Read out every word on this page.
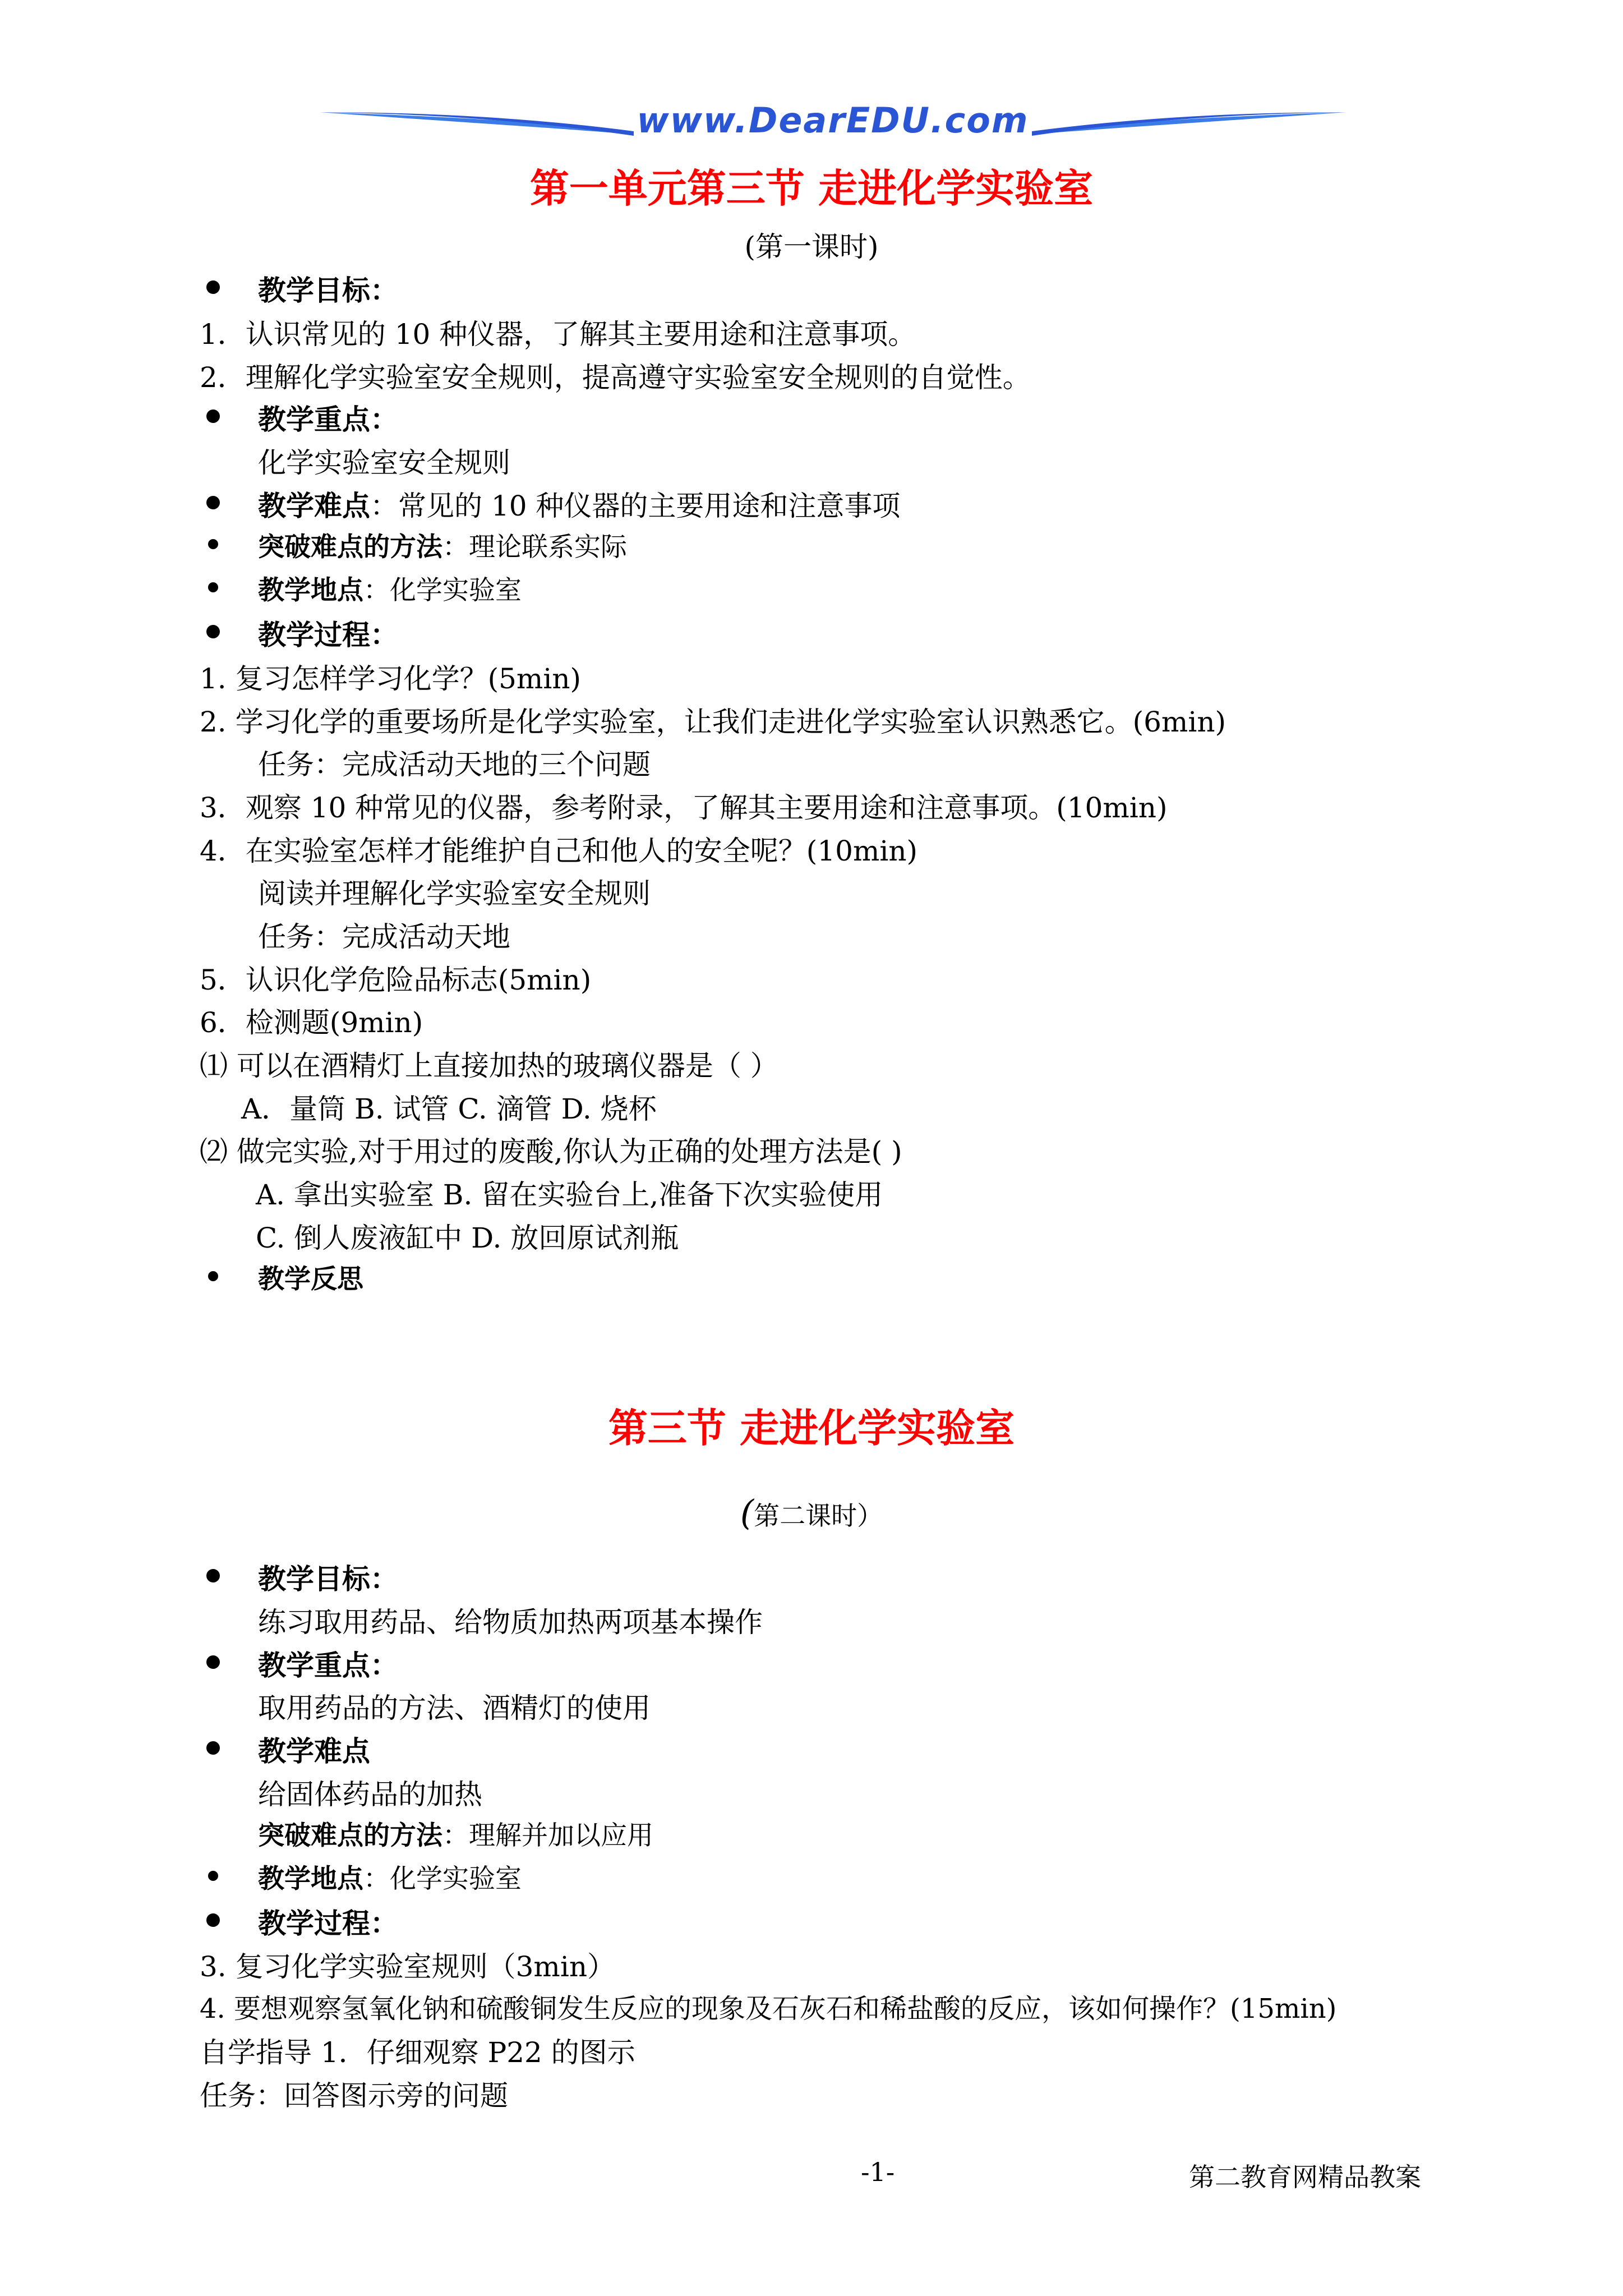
www.DearEDU.com
第一单元第三节 走进化学实验室
(第一课时)
教学目标：
1．认识常见的 10 种仪器，了解其主要用途和注意事项。
2．理解化学实验室安全规则，提高遵守实验室安全规则的自觉性。
教学重点：
化学实验室安全规则
教学难点：常见的 10 种仪器的主要用途和注意事项
突破难点的方法：理论联系实际
教学地点：化学实验室
教学过程：
1. 复习怎样学习化学？(5min)
2. 学习化学的重要场所是化学实验室，让我们走进化学实验室认识熟悉它。(6min)
任务：完成活动天地的三个问题
3．观察 10 种常见的仪器，参考附录，了解其主要用途和注意事项。(10min)
4．在实验室怎样才能维护自己和他人的安全呢？(10min)
阅读并理解化学实验室安全规则
任务：完成活动天地
5．认识化学危险品标志(5min)
6．检测题(9min)
⑴ 可以在酒精灯上直接加热的玻璃仪器是（ ）
A．量筒 B. 试管 C. 滴管 D. 烧杯
⑵ 做完实验,对于用过的废酸,你认为正确的处理方法是( )
A. 拿出实验室 B. 留在实验台上,准备下次实验使用
C. 倒人废液缸中 D. 放回原试剂瓶
教学反思
第三节 走进化学实验室
(第二课时）
教学目标：
练习取用药品、给物质加热两项基本操作
教学重点：
取用药品的方法、酒精灯的使用
教学难点
给固体药品的加热
突破难点的方法：理解并加以应用
教学地点：化学实验室
教学过程：
3. 复习化学实验室规则（3min）
4. 要想观察氢氧化钠和硫酸铜发生反应的现象及石灰石和稀盐酸的反应，该如何操作？(15min)
自学指导 1．仔细观察 P22 的图示
任务：回答图示旁的问题
-1-	第二教育网精品教案
